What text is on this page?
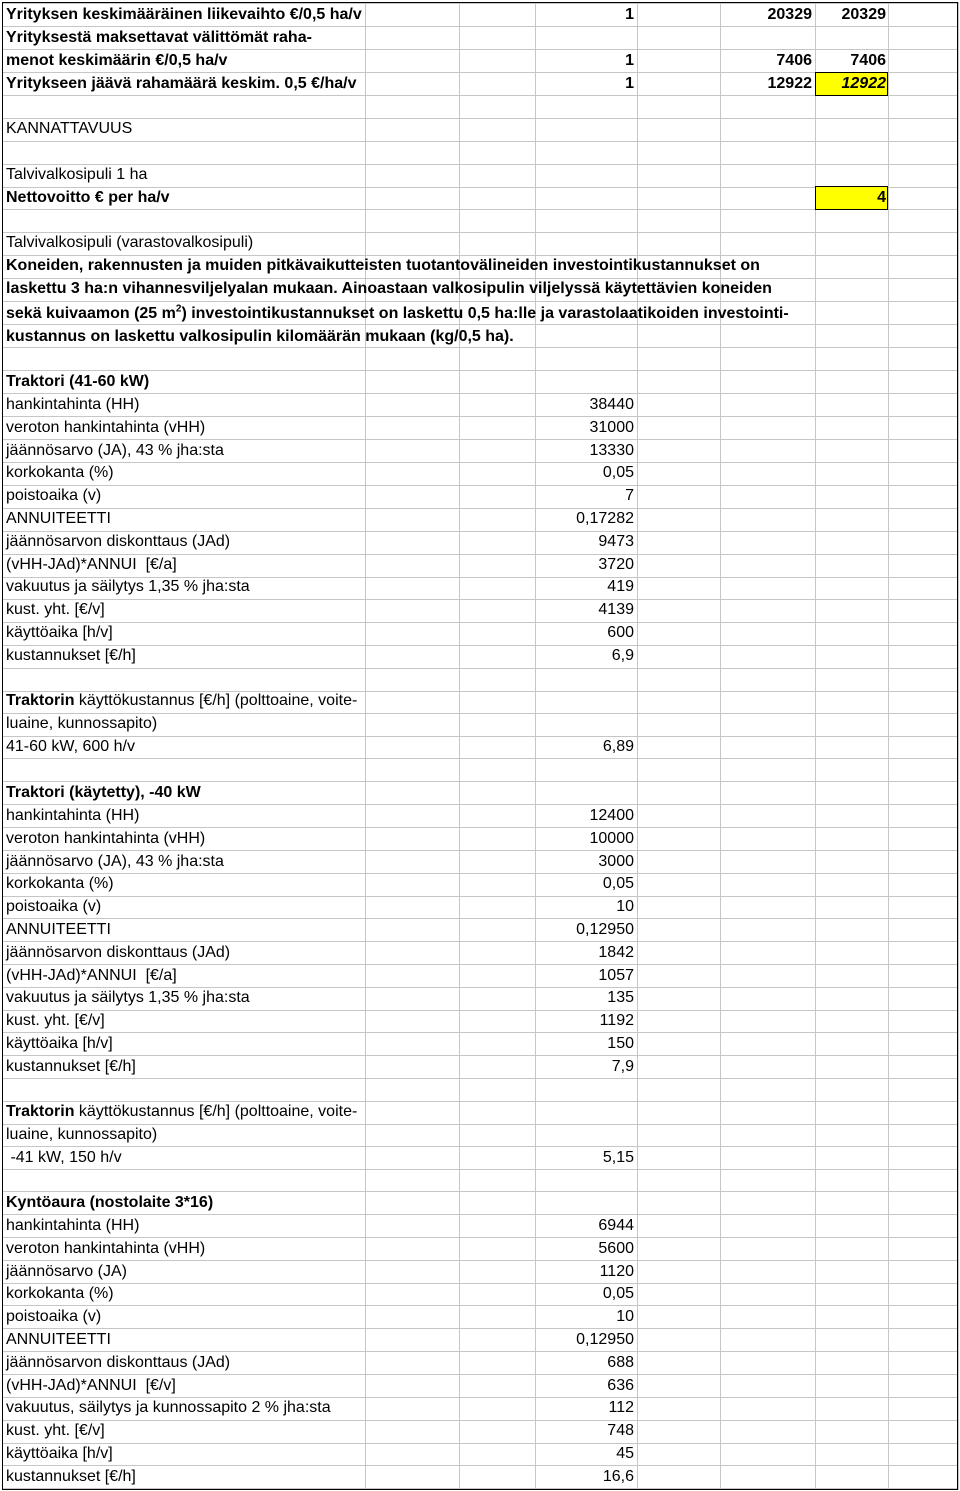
Yrityksen keskimääräinen liikevaihto €/0,5 ha/v	1	20329	20329
Yrityksestä maksettavat välittömät raha-
menot keskimäärin €/0,5 ha/v	1	7406	7406
Yritykseen jäävä rahamäärä keskim. 0,5 €/ha/v	1	12922	12922
KANNATTAVUUS
Talvivalkosipuli 1 ha
Nettovoitto € per ha/v	4
Talvivalkosipuli (varastovalkosipuli)
Koneiden, rakennusten ja muiden pitkävaikutteisten tuotantovälineiden investointikustannukset on
laskettu 3 ha:n vihannesviljelyalan mukaan. Ainoastaan valkosipulin viljelyssä käytettävien koneiden
sekä kuivaamon (25 $m^2$) investointikustannukset on laskettu 0,5 ha:lle ja varastolaatikoiden investointi-
kustannus on laskettu valkosipulin kilomäärän mukaan (kg/0,5 ha).
Traktori (41-60 kW)
hankintahinta (HH)	38440
veroton hankintahinta (vHH)	31000
jäännösarvo (JA), 43 % jha:sta	13330
korkokanta (%)	0,05
poistoaika (v)	7
ANNUITEETTI	0,17282
jäännösarvon diskonttaus (JAd)	9473
(vHH-JAd)*ANNUI  [€/a]	3720
vakuutus ja säilytys 1,35 % jha:sta	419
kust. yht. [€/v]	4139
käyttöaika [h/v]	600
kustannukset [€/h]	6,9
Traktorin käyttökustannus [€/h] (polttoaine, voite-
luaine, kunnossapito)
41-60 kW, 600 h/v	6,89
Traktori (käytetty), -40 kW
hankintahinta (HH)	12400
veroton hankintahinta (vHH)	10000
jäännösarvo (JA), 43 % jha:sta	3000
korkokanta (%)	0,05
poistoaika (v)	10
ANNUITEETTI	0,12950
jäännösarvon diskonttaus (JAd)	1842
(vHH-JAd)*ANNUI  [€/a]	1057
vakuutus ja säilytys 1,35 % jha:sta	135
kust. yht. [€/v]	1192
käyttöaika [h/v]	150
kustannukset [€/h]	7,9
Traktorin käyttökustannus [€/h] (polttoaine, voite-
luaine, kunnossapito)
-41 kW, 150 h/v	5,15
Kyntöaura (nostolaite 3*16)
hankintahinta (HH)	6944
veroton hankintahinta (vHH)	5600
jäännösarvo (JA)	1120
korkokanta (%)	0,05
poistoaika (v)	10
ANNUITEETTI	0,12950
jäännösarvon diskonttaus (JAd)	688
(vHH-JAd)*ANNUI  [€/v]	636
vakuutus, säilytys ja kunnossapito 2 % jha:sta	112
kust. yht. [€/v]	748
käyttöaika [h/v]	45
kustannukset [€/h]	16,6
